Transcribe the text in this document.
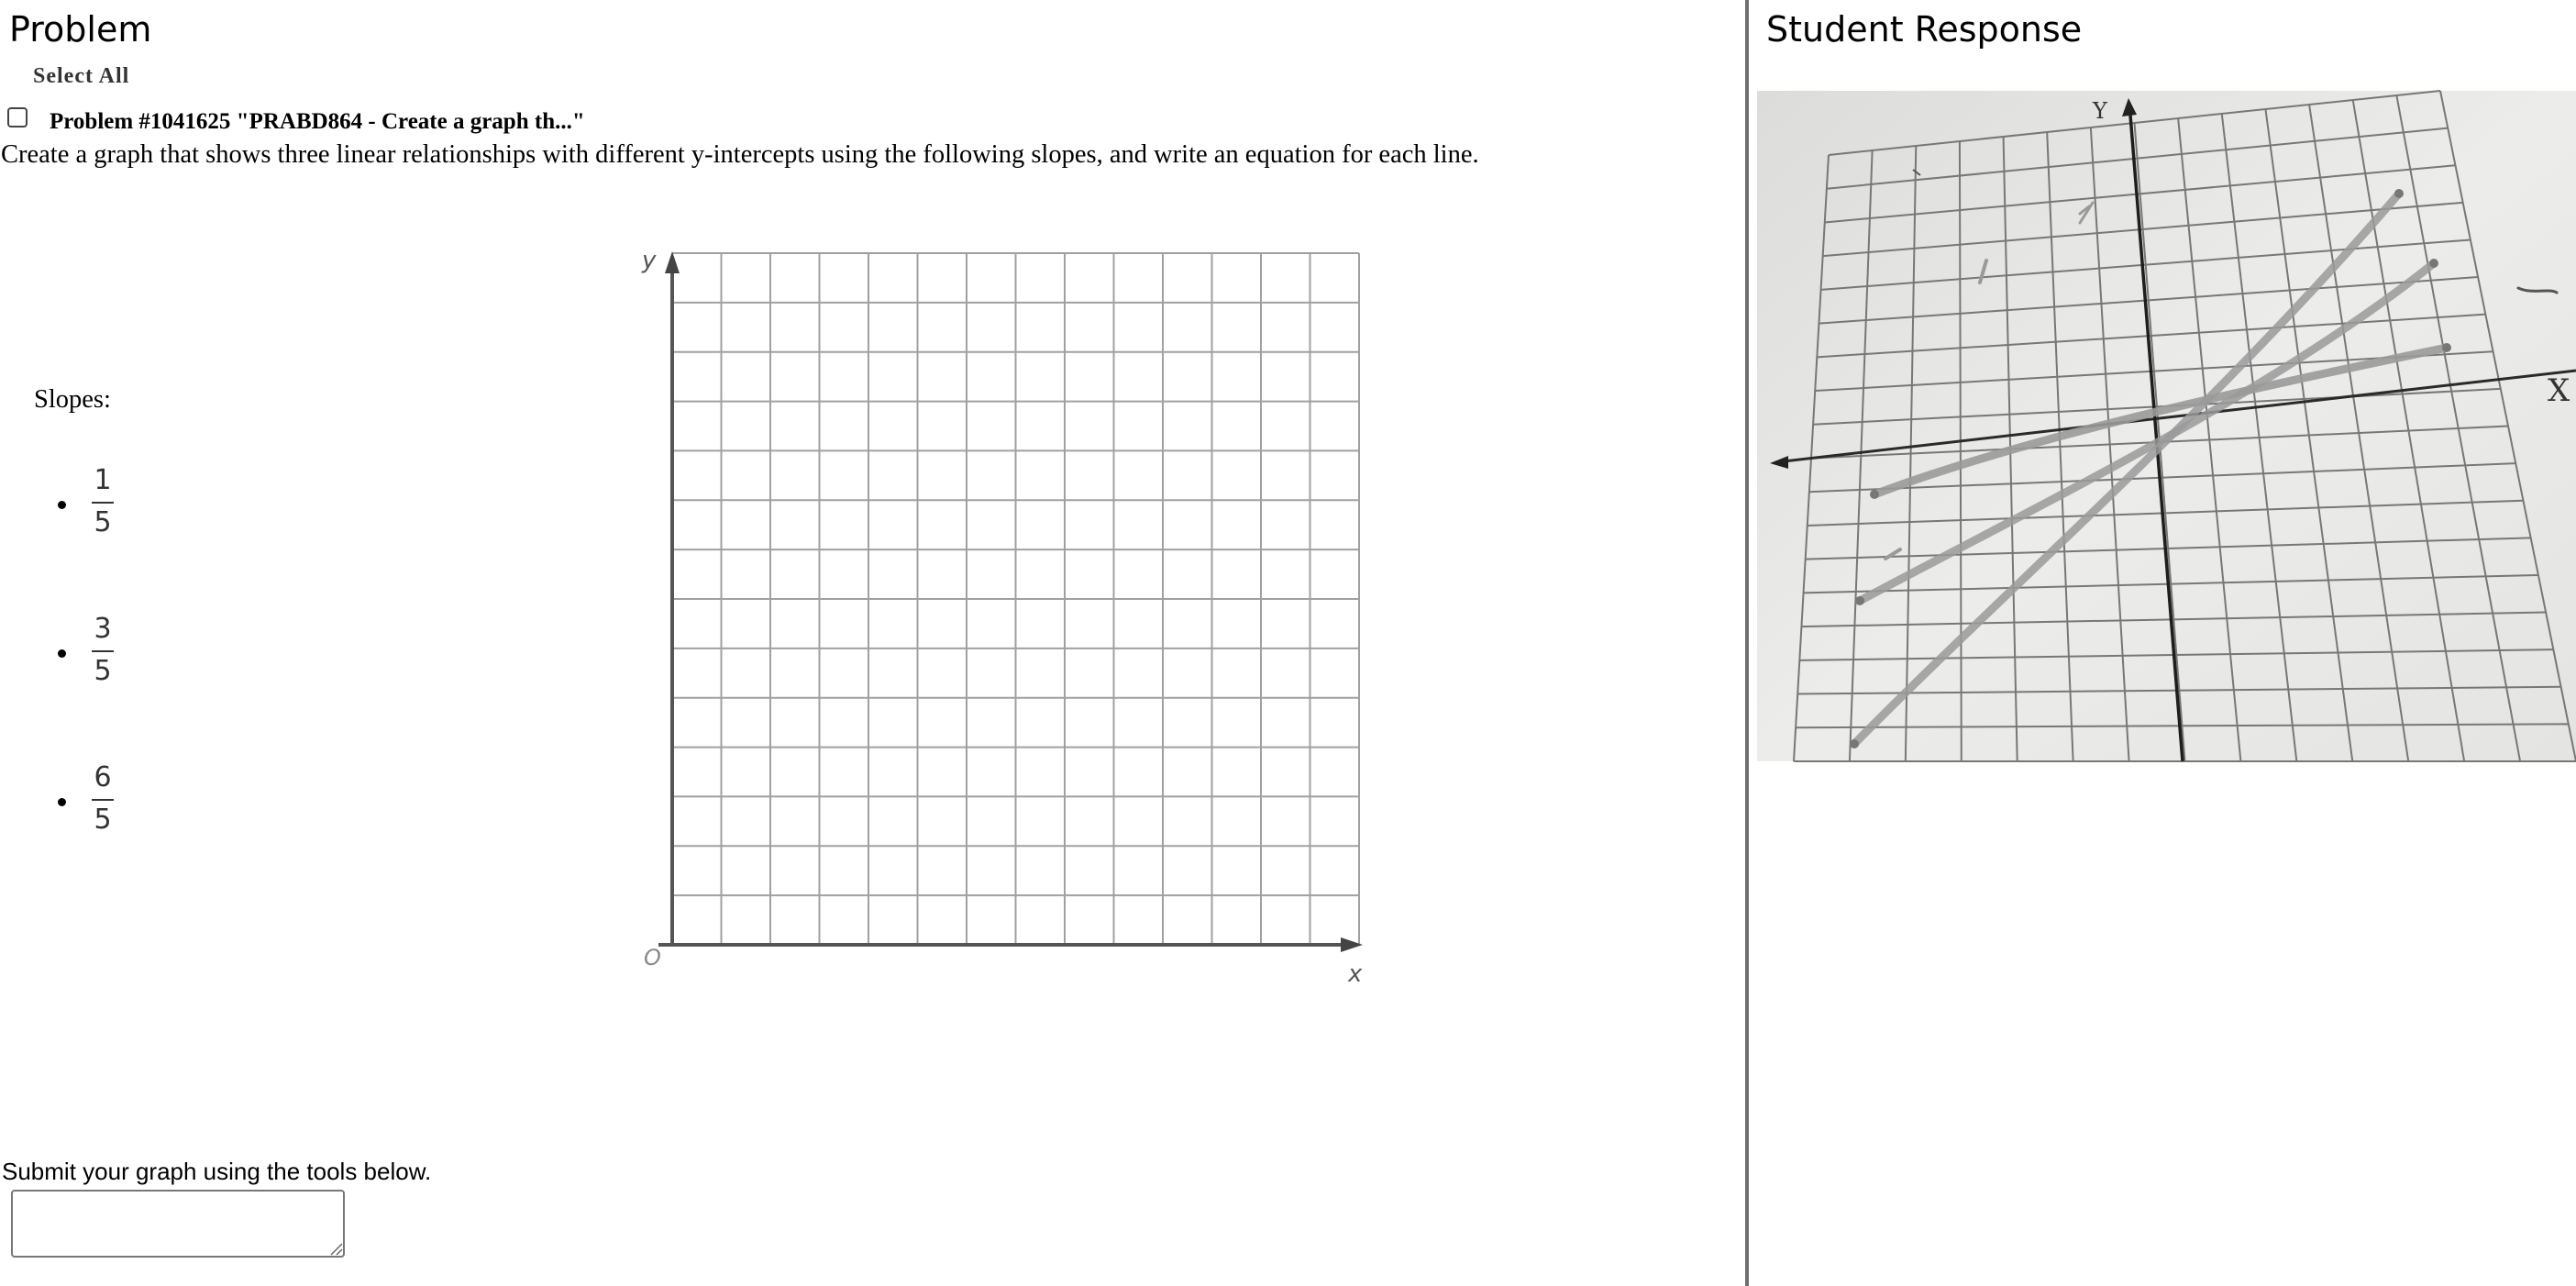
Problem
Select All
Problem #1041625 "PRABD864 - Create a graph th..."
Create a graph that shows three linear relationships with different y-intercepts using the following slopes, and write an equation for each line.
Slopes:
1
5
3
5
6
5
y
x
O
Submit your graph using the tools below.
Student Response
X
Y
